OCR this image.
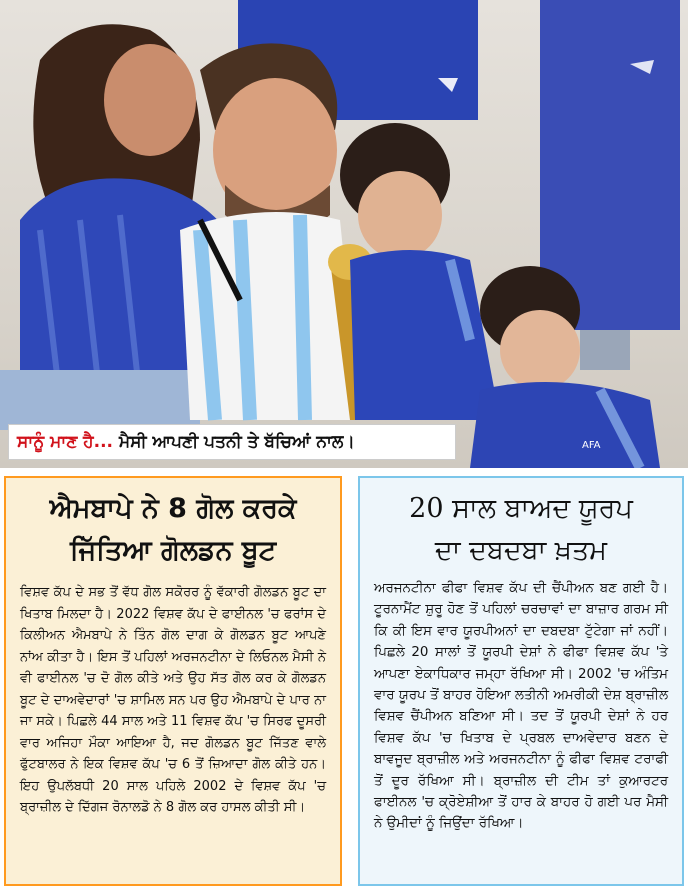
AFA
ਸਾਨੂੰ ਮਾਣ ਹੈ... ਮੈਸੀ ਆਪਣੀ ਪਤਨੀ ਤੇ ਬੱਚਿਆਂ ਨਾਲ।
ਐਮਬਾਪੇ ਨੇ 8 ਗੋਲ ਕਰਕੇ
ਜਿੱਤਿਆ ਗੋਲਡਨ ਬੂਟ

ਵਿਸ਼ਵ ਕੱਪ ਦੇ ਸਭ ਤੋਂ ਵੱਧ ਗੋਲ ਸਕੋਰਰ ਨੂੰ ਵੱਕਾਰੀ ਗੋਲਡਨ ਬੂਟ ਦਾ ਖਿਤਾਬ ਮਿਲਦਾ ਹੈ। 2022 ਵਿਸ਼ਵ ਕੱਪ ਦੇ ਫਾਈਨਲ 'ਚ ਫਰਾਂਸ ਦੇ ਕਿਲੀਅਨ ਐਮਬਾਪੇ ਨੇ ਤਿੰਨ ਗੋਲ ਦਾਗ ਕੇ ਗੋਲਡਨ ਬੂਟ ਆਪਣੇ ਨਾਂਅ ਕੀਤਾ ਹੈ। ਇਸ ਤੋਂ ਪਹਿਲਾਂ ਅਰਜਨਟੀਨਾ ਦੇ ਲਿਓਨਲ ਮੈਸੀ ਨੇ ਵੀ ਫਾਈਨਲ 'ਚ ਦੋ ਗੋਲ ਕੀਤੇ ਅਤੇ ਉਹ ਸੱਤ ਗੋਲ ਕਰ ਕੇ ਗੋਲਡਨ ਬੂਟ ਦੇ ਦਾਅਵੇਦਾਰਾਂ 'ਚ ਸ਼ਾਮਿਲ ਸਨ ਪਰ ਉਹ ਐਮਬਾਪੇ ਦੇ ਪਾਰ ਨਾ ਜਾ ਸਕੇ। ਪਿਛਲੇ 44 ਸਾਲ ਅਤੇ 11 ਵਿਸ਼ਵ ਕੱਪ 'ਚ ਸਿਰਫ ਦੂਸਰੀ ਵਾਰ ਅਜਿਹਾ ਮੌਕਾ ਆਇਆ ਹੈ, ਜਦ ਗੋਲਡਨ ਬੂਟ ਜਿੱਤਣ ਵਾਲੇ ਫੁੱਟਬਾਲਰ ਨੇ ਇਕ ਵਿਸ਼ਵ ਕੱਪ 'ਚ 6 ਤੋਂ ਜ਼ਿਆਦਾ ਗੋਲ ਕੀਤੇ ਹਨ। ਇਹ ਉਪਲੱਬਧੀ 20 ਸਾਲ ਪਹਿਲੇ 2002 ਦੇ ਵਿਸ਼ਵ ਕੱਪ 'ਚ ਬ੍ਰਾਜ਼ੀਲ ਦੇ ਦਿੱਗਜ ਰੋਨਾਲਡੋ ਨੇ 8 ਗੋਲ ਕਰ ਹਾਸਲ ਕੀਤੀ ਸੀ।

20 ਸਾਲ ਬਾਅਦ ਯੂਰਪ
ਦਾ ਦਬਦਬਾ ਖ਼ਤਮ

ਅਰਜਨਟੀਨਾ ਫੀਫਾ ਵਿਸ਼ਵ ਕੱਪ ਦੀ ਚੈਂਪੀਅਨ ਬਣ ਗਈ ਹੈ। ਟੂਰਨਾਮੈਂਟ ਸ਼ੁਰੂ ਹੋਣ ਤੋਂ ਪਹਿਲਾਂ ਚਰਚਾਵਾਂ ਦਾ ਬਾਜ਼ਾਰ ਗਰਮ ਸੀ ਕਿ ਕੀ ਇਸ ਵਾਰ ਯੂਰਪੀਅਨਾਂ ਦਾ ਦਬਦਬਾ ਟੁੱਟੇਗਾ ਜਾਂ ਨਹੀਂ। ਪਿਛਲੇ 20 ਸਾਲਾਂ ਤੋਂ ਯੂਰਪੀ ਦੇਸ਼ਾਂ ਨੇ ਫੀਫਾ ਵਿਸ਼ਵ ਕੱਪ 'ਤੇ ਆਪਣਾ ਏਕਾਧਿਕਾਰ ਜਮ੍ਹਾ ਰੱਖਿਆ ਸੀ। 2002 'ਚ ਅੰਤਿਮ ਵਾਰ ਯੂਰਪ ਤੋਂ ਬਾਹਰ ਹੋਇਆ ਲਤੀਨੀ ਅਮਰੀਕੀ ਦੇਸ਼ ਬ੍ਰਾਜ਼ੀਲ ਵਿਸ਼ਵ ਚੈਂਪੀਅਨ ਬਣਿਆ ਸੀ। ਤਦ ਤੋਂ ਯੂਰਪੀ ਦੇਸ਼ਾਂ ਨੇ ਹਰ ਵਿਸ਼ਵ ਕੱਪ 'ਚ ਖਿਤਾਬ ਦੇ ਪ੍ਰਬਲ ਦਾਅਵੇਦਾਰ ਬਣਨ ਦੇ ਬਾਵਜੂਦ ਬ੍ਰਾਜ਼ੀਲ ਅਤੇ ਅਰਜਨਟੀਨਾ ਨੂੰ ਫੀਫਾ ਵਿਸ਼ਵ ਟਰਾਫੀ ਤੋਂ ਦੂਰ ਰੱਖਿਆ ਸੀ। ਬ੍ਰਾਜ਼ੀਲ ਦੀ ਟੀਮ ਤਾਂ ਕੁਆਰਟਰ ਫਾਈਨਲ 'ਚ ਕ੍ਰੋਏਸ਼ੀਆ ਤੋਂ ਹਾਰ ਕੇ ਬਾਹਰ ਹੋ ਗਈ ਪਰ ਮੈਸੀ ਨੇ ਉਮੀਦਾਂ ਨੂੰ ਜਿਉਂਦਾ ਰੱਖਿਆ।
